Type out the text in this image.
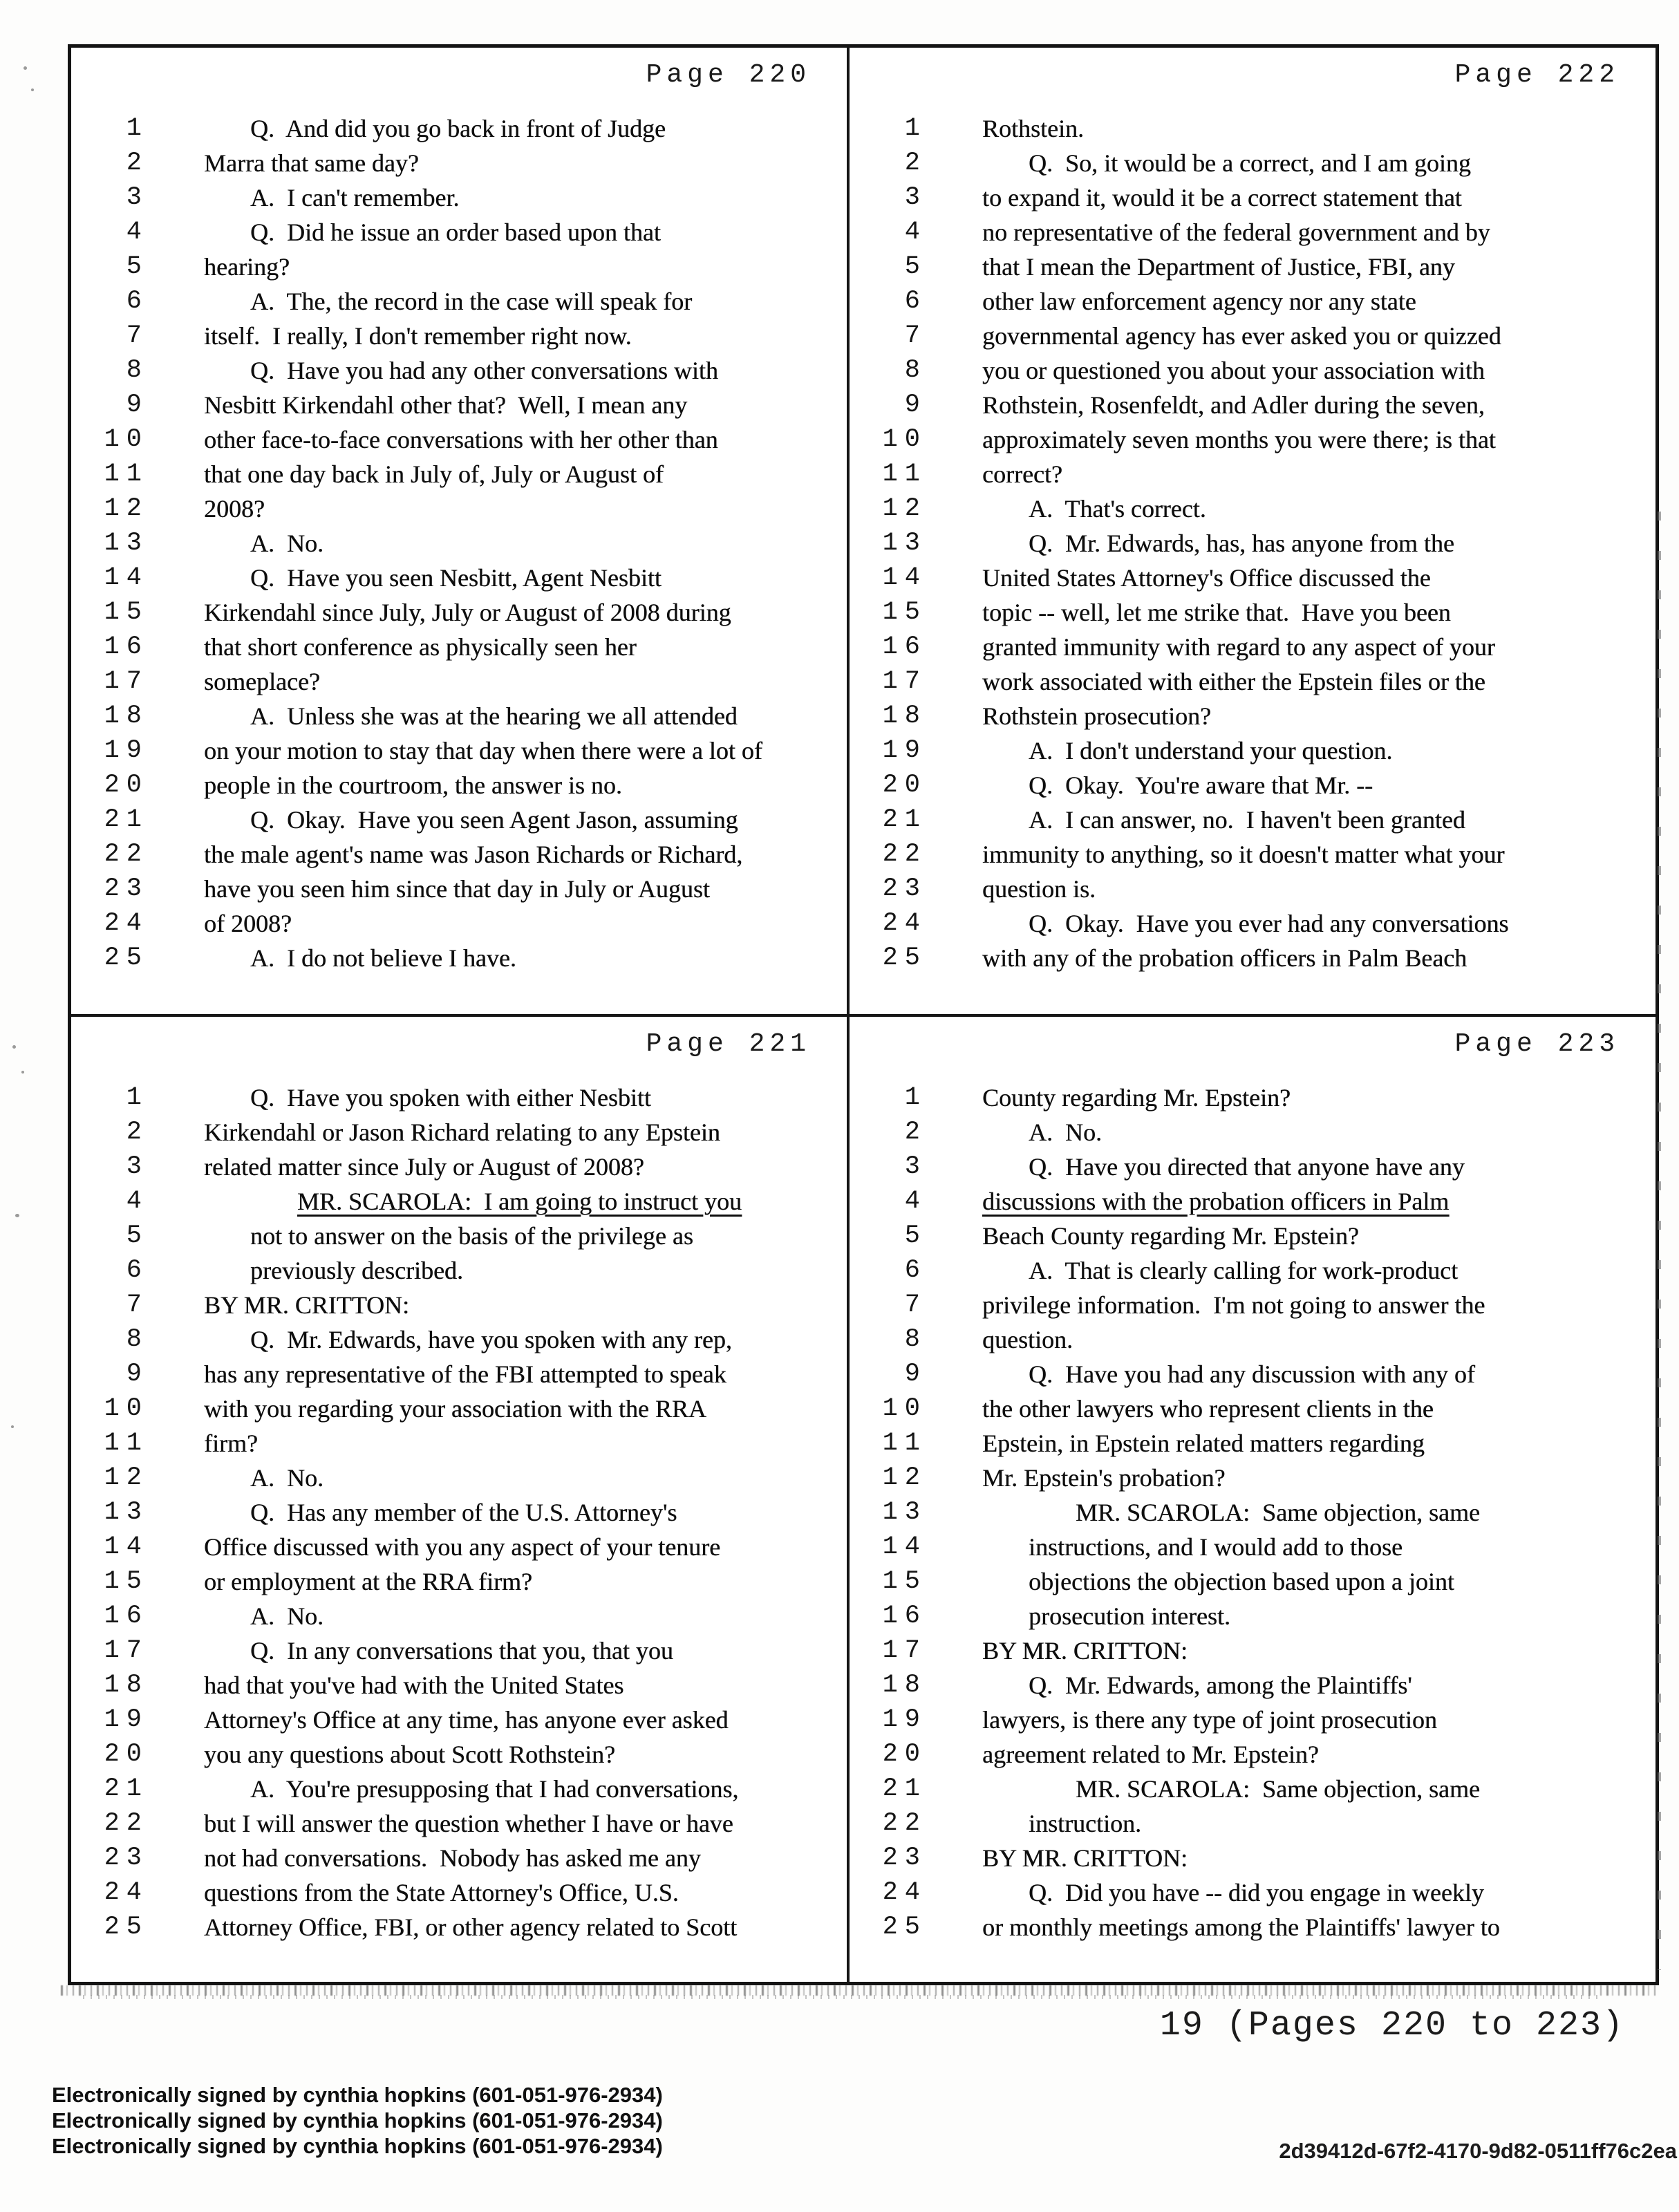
Page 220
1	Q.  And did you go back in front of Judge
2 Marra that same day?
3	A.  I can't remember.
4	Q.  Did he issue an order based upon that
5 hearing?
6	A.  The, the record in the case will speak for
7 itself.  I really, I don't remember right now.
8	Q.  Have you had any other conversations with
9 Nesbitt Kirkendahl other that?  Well, I mean any
10 other face-to-face conversations with her other than
11 that one day back in July of, July or August of
12 2008?
13	A.  No.
14	Q.  Have you seen Nesbitt, Agent Nesbitt
15 Kirkendahl since July, July or August of 2008 during
16 that short conference as physically seen her
17 someplace?
18	A.  Unless she was at the hearing we all attended
19 on your motion to stay that day when there were a lot of
20 people in the courtroom, the answer is no.
21	Q.  Okay.  Have you seen Agent Jason, assuming
22 the male agent's name was Jason Richards or Richard,
23 have you seen him since that day in July or August
24 of 2008?
25	A.  I do not believe I have.
Page 222
1 Rothstein.
2	Q.  So, it would be a correct, and I am going
3 to expand it, would it be a correct statement that
4 no representative of the federal government and by
5 that I mean the Department of Justice, FBI, any
6 other law enforcement agency nor any state
7 governmental agency has ever asked you or quizzed
8 you or questioned you about your association with
9 Rothstein, Rosenfeldt, and Adler during the seven,
10 approximately seven months you were there; is that
11 correct?
12	A.  That's correct.
13	Q.  Mr. Edwards, has, has anyone from the
14 United States Attorney's Office discussed the
15 topic -- well, let me strike that.  Have you been
16 granted immunity with regard to any aspect of your
17 work associated with either the Epstein files or the
18 Rothstein prosecution?
19	A.  I don't understand your question.
20	Q.  Okay.  You're aware that Mr. --
21	A.  I can answer, no.  I haven't been granted
22 immunity to anything, so it doesn't matter what your
23 question is.
24	Q.  Okay.  Have you ever had any conversations
25 with any of the probation officers in Palm Beach
Page 221
1	Q.  Have you spoken with either Nesbitt
2 Kirkendahl or Jason Richard relating to any Epstein
3 related matter since July or August of 2008?
4	MR. SCAROLA:  I am going to instruct you
5	not to answer on the basis of the privilege as
6	previously described.
7 BY MR. CRITTON:
8	Q.  Mr. Edwards, have you spoken with any rep,
9 has any representative of the FBI attempted to speak
10 with you regarding your association with the RRA
11 firm?
12	A.  No.
13	Q.  Has any member of the U.S. Attorney's
14 Office discussed with you any aspect of your tenure
15 or employment at the RRA firm?
16	A.  No.
17	Q.  In any conversations that you, that you
18 had that you've had with the United States
19 Attorney's Office at any time, has anyone ever asked
20 you any questions about Scott Rothstein?
21	A.  You're presupposing that I had conversations,
22 but I will answer the question whether I have or have
23 not had conversations.  Nobody has asked me any
24 questions from the State Attorney's Office, U.S.
25 Attorney Office, FBI, or other agency related to Scott
Page 223
1 County regarding Mr. Epstein?
2	A.  No.
3	Q.  Have you directed that anyone have any
4 discussions with the probation officers in Palm
5 Beach County regarding Mr. Epstein?
6	A.  That is clearly calling for work-product
7 privilege information.  I'm not going to answer the
8 question.
9	Q.  Have you had any discussion with any of
10 the other lawyers who represent clients in the
11 Epstein, in Epstein related matters regarding
12 Mr. Epstein's probation?
13	MR. SCAROLA:  Same objection, same
14	instructions, and I would add to those
15	objections the objection based upon a joint
16	prosecution interest.
17 BY MR. CRITTON:
18	Q.  Mr. Edwards, among the Plaintiffs'
19 lawyers, is there any type of joint prosecution
20 agreement related to Mr. Epstein?
21	MR. SCAROLA:  Same objection, same
22	instruction.
23 BY MR. CRITTON:
24	Q.  Did you have -- did you engage in weekly
25 or monthly meetings among the Plaintiffs' lawyer to
19 (Pages 220 to 223)
Electronically signed by cynthia hopkins (601-051-976-2934)
Electronically signed by cynthia hopkins (601-051-976-2934)
Electronically signed by cynthia hopkins (601-051-976-2934)	2d39412d-67f2-4170-9d82-0511ff76c2ea
